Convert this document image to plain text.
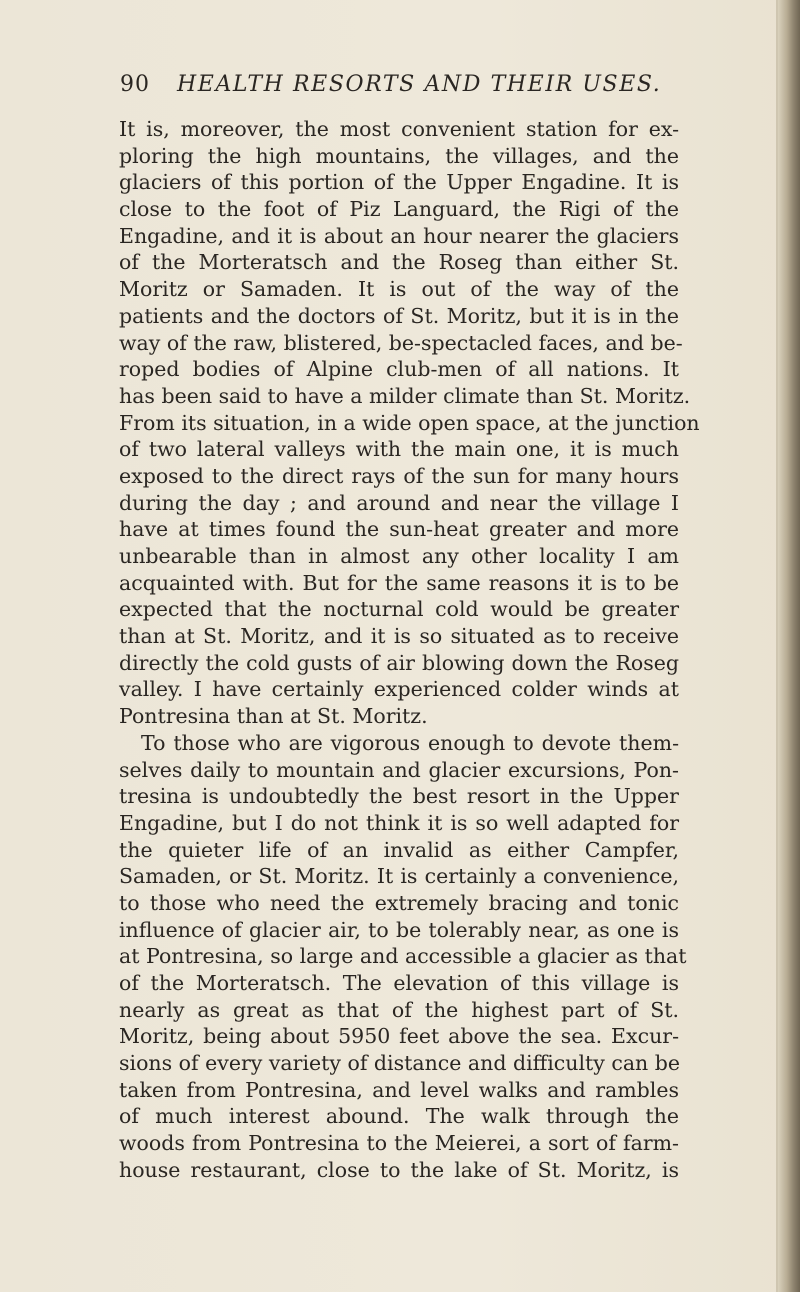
90 HEALTH RESORTS AND THEIR USES.
It is, moreover, the most convenient station for ex-
ploring the high mountains, the villages, and the
glaciers of this portion of the Upper Engadine. It is
close to the foot of Piz Languard, the Rigi of the
Engadine, and it is about an hour nearer the glaciers
of the Morteratsch and the Roseg than either St.
Moritz or Samaden. It is out of the way of the
patients and the doctors of St. Moritz, but it is in the
way of the raw, blistered, be-spectacled faces, and be-
roped bodies of Alpine club-men of all nations. It
has been said to have a milder climate than St. Moritz.
From its situation, in a wide open space, at the junction
of two lateral valleys with the main one, it is much
exposed to the direct rays of the sun for many hours
during the day ; and around and near the village I
have at times found the sun-heat greater and more
unbearable than in almost any other locality I am
acquainted with. But for the same reasons it is to be
expected that the nocturnal cold would be greater
than at St. Moritz, and it is so situated as to receive
directly the cold gusts of air blowing down the Roseg
valley. I have certainly experienced colder winds at
Pontresina than at St. Moritz.
To those who are vigorous enough to devote them-
selves daily to mountain and glacier excursions, Pon-
tresina is undoubtedly the best resort in the Upper
Engadine, but I do not think it is so well adapted for
the quieter life of an invalid as either Campfer,
Samaden, or St. Moritz. It is certainly a convenience,
to those who need the extremely bracing and tonic
influence of glacier air, to be tolerably near, as one is
at Pontresina, so large and accessible a glacier as that
of the Morteratsch. The elevation of this village is
nearly as great as that of the highest part of St.
Moritz, being about 5950 feet above the sea. Excur-
sions of every variety of distance and difficulty can be
taken from Pontresina, and level walks and rambles
of much interest abound. The walk through the
woods from Pontresina to the Meierei, a sort of farm-
house restaurant, close to the lake of St. Moritz, is
